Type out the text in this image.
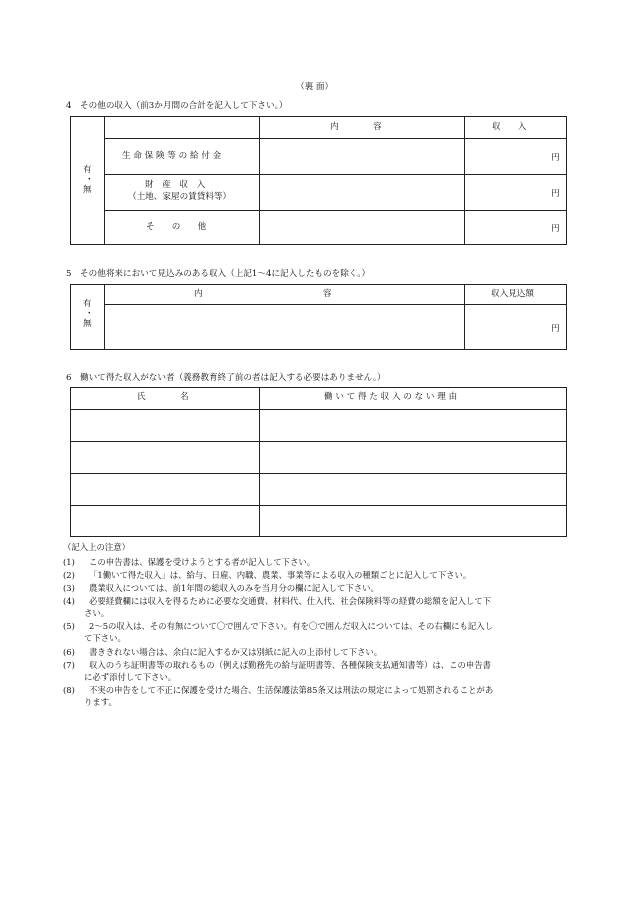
（裏 面）
4　その他の収入（前3か月間の合計を記入して下さい。）
有
・
無
内　　　　容	収　　入
生 命 保 険 等 の 給 付 金	円
財　産　収　入
（土地、家屋の賃貸料等）	円
そ　　の　　他	円
5　その他将来において見込みのある収入（上記1〜4に記入したものを除く。）
有
・
無
内　　　　　　　　　　　　　　容	収入見込額
円
6　働いて得た収入がない者（義務教育終了前の者は記入する必要はありません。）
氏　　　　名	働 い て 得 た 収 入 の な い 理 由
（記入上の注意）
(1) この申告書は、保護を受けようとする者が記入して下さい。
(2) 「1働いて得た収入」は、給与、日雇、内職、農業、事業等による収入の種類ごとに記入して下さい。
(3) 農業収入については、前1年間の総収入のみを当月分の欄に記入して下さい。
(4) 必要経費欄には収入を得るために必要な交通費、材料代、仕入代、社会保険料等の経費の総額を記入して下
さい。
(5) 2〜5の収入は、その有無について〇で囲んで下さい。有を〇で囲んだ収入については、その右欄にも記入し
て下さい。
(6) 書ききれない場合は、余白に記入するか又は別紙に記入の上添付して下さい。
(7) 収入のうち証明書等の取れるもの（例えば勤務先の給与証明書等、各種保険支払通知書等）は、この申告書
に必ず添付して下さい。
(8) 不実の申告をして不正に保護を受けた場合、生活保護法第85条又は刑法の規定によって処罰されることがあ
ります。
